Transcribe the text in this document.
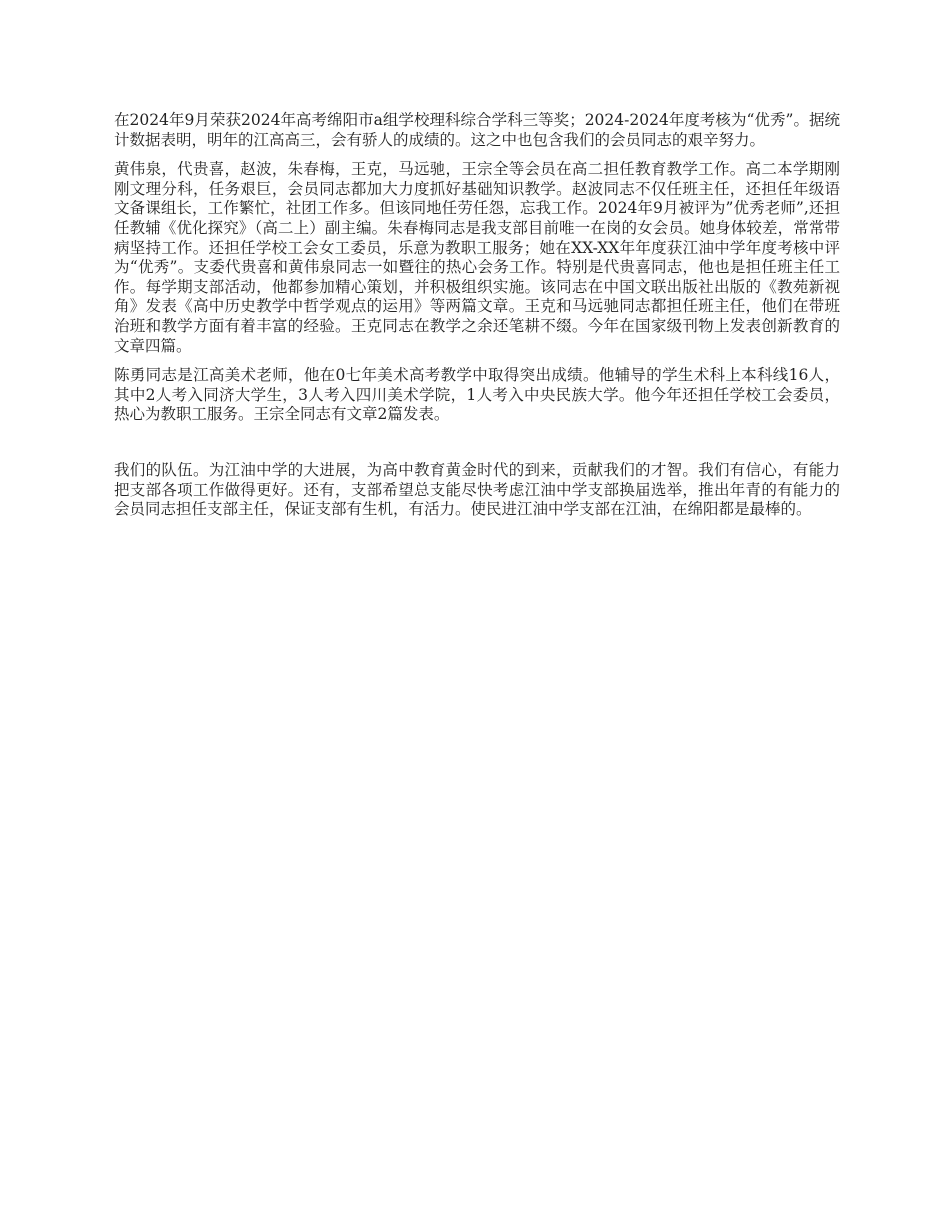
在2024年9月荣获2024年高考绵阳市a组学校理科综合学科三等奖；2024-2024年度考核为“优秀”。据统计数据表明，明年的江高高三，会有骄人的成绩的。这之中也包含我们的会员同志的艰辛努力。

黄伟泉，代贵喜，赵波，朱春梅，王克，马远驰，王宗全等会员在高二担任教育教学工作。高二本学期刚刚文理分科，任务艰巨，会员同志都加大力度抓好基础知识教学。赵波同志不仅任班主任，还担任年级语文备课组长，工作繁忙，社团工作多。但该同地任劳任怨，忘我工作。2024年9月被评为”优秀老师”,还担任教辅《优化探究》（高二上）副主编。朱春梅同志是我支部目前唯一在岗的女会员。她身体较差，常常带病坚持工作。还担任学校工会女工委员，乐意为教职工服务；她在XX-XX年年度获江油中学年度考核中评为“优秀”。支委代贵喜和黄伟泉同志一如暨往的热心会务工作。特别是代贵喜同志，他也是担任班主任工作。每学期支部活动，他都参加精心策划，并积极组织实施。该同志在中国文联出版社出版的《教苑新视角》发表《高中历史教学中哲学观点的运用》等两篇文章。王克和马远驰同志都担任班主任，他们在带班治班和教学方面有着丰富的经验。王克同志在教学之余还笔耕不缀。今年在国家级刊物上发表创新教育的文章四篇。

陈勇同志是江高美术老师，他在0七年美术高考教学中取得突出成绩。他辅导的学生术科上本科线16人，其中2人考入同济大学生，3人考入四川美术学院，1人考入中央民族大学。他今年还担任学校工会委员，热心为教职工服务。王宗全同志有文章2篇发表。

我们的队伍。为江油中学的大进展，为高中教育黄金时代的到来，贡献我们的才智。我们有信心，有能力把支部各项工作做得更好。还有，支部希望总支能尽快考虑江油中学支部换届选举，推出年青的有能力的会员同志担任支部主任，保证支部有生机，有活力。使民进江油中学支部在江油，在绵阳都是最棒的。
